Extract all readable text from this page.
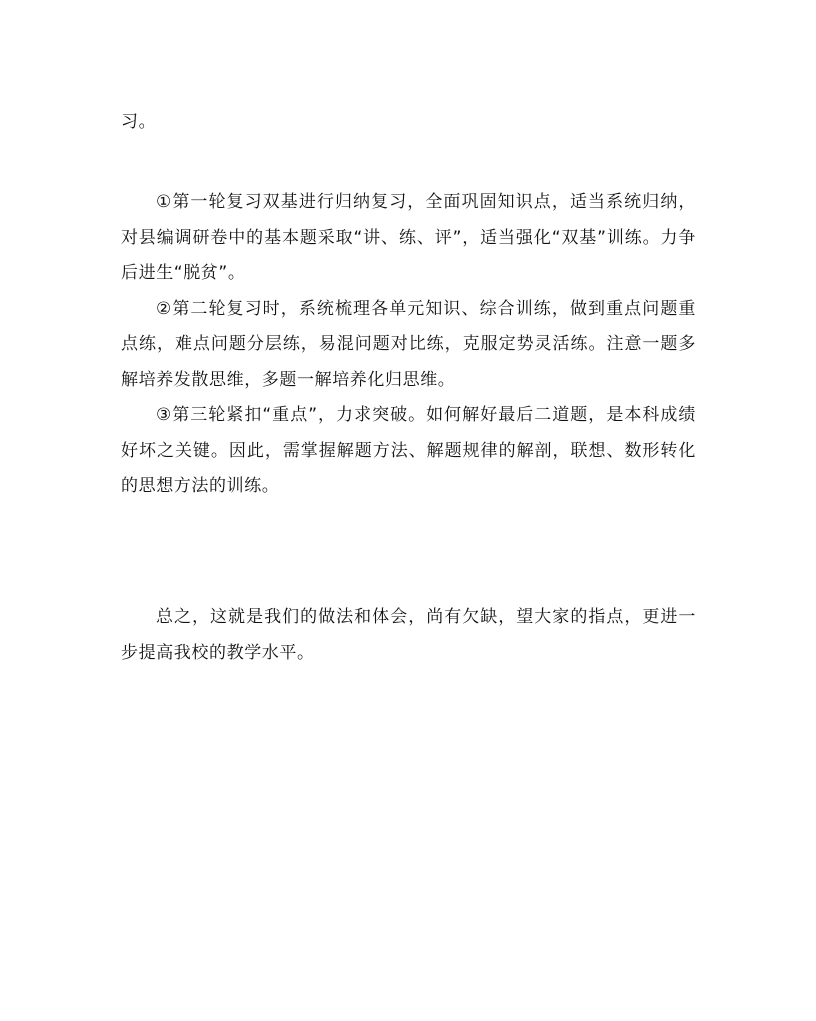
习。

①第一轮复习双基进行归纳复习，全面巩固知识点，适当系统归纳，对县编调研卷中的基本题采取“讲、练、评”，适当强化“双基”训练。力争后进生“脱贫”。

②第二轮复习时，系统梳理各单元知识、综合训练，做到重点问题重点练，难点问题分层练，易混问题对比练，克服定势灵活练。注意一题多解培养发散思维，多题一解培养化归思维。

③第三轮紧扣“重点”，力求突破。如何解好最后二道题，是本科成绩好坏之关键。因此，需掌握解题方法、解题规律的解剖，联想、数形转化的思想方法的训练。

总之，这就是我们的做法和体会，尚有欠缺，望大家的指点，更进一步提高我校的教学水平。
